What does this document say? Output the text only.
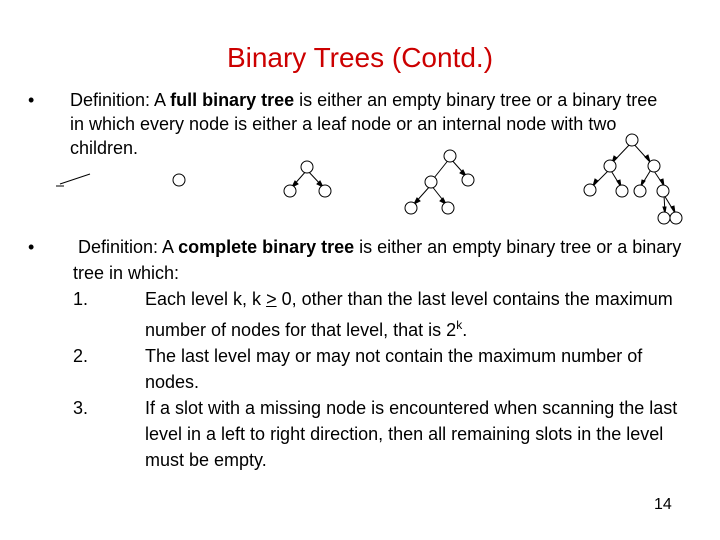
Binary Trees (Contd.)
• Definition: A full binary tree is either an empty binary tree or a binary tree in which every node is either a leaf node or an internal node with two children.
• Definition: A complete binary tree is either an empty binary tree or a binary tree in which:
1.	Each level k, k ≥ 0, other than the last level contains the maximum number of nodes for that level, that is 2$^k$.
2.	The last level may or may not contain the maximum number of nodes.
3.	If a slot with a missing node is encountered when scanning the last level in a left to right direction, then all remaining slots in the level must be empty.
14
